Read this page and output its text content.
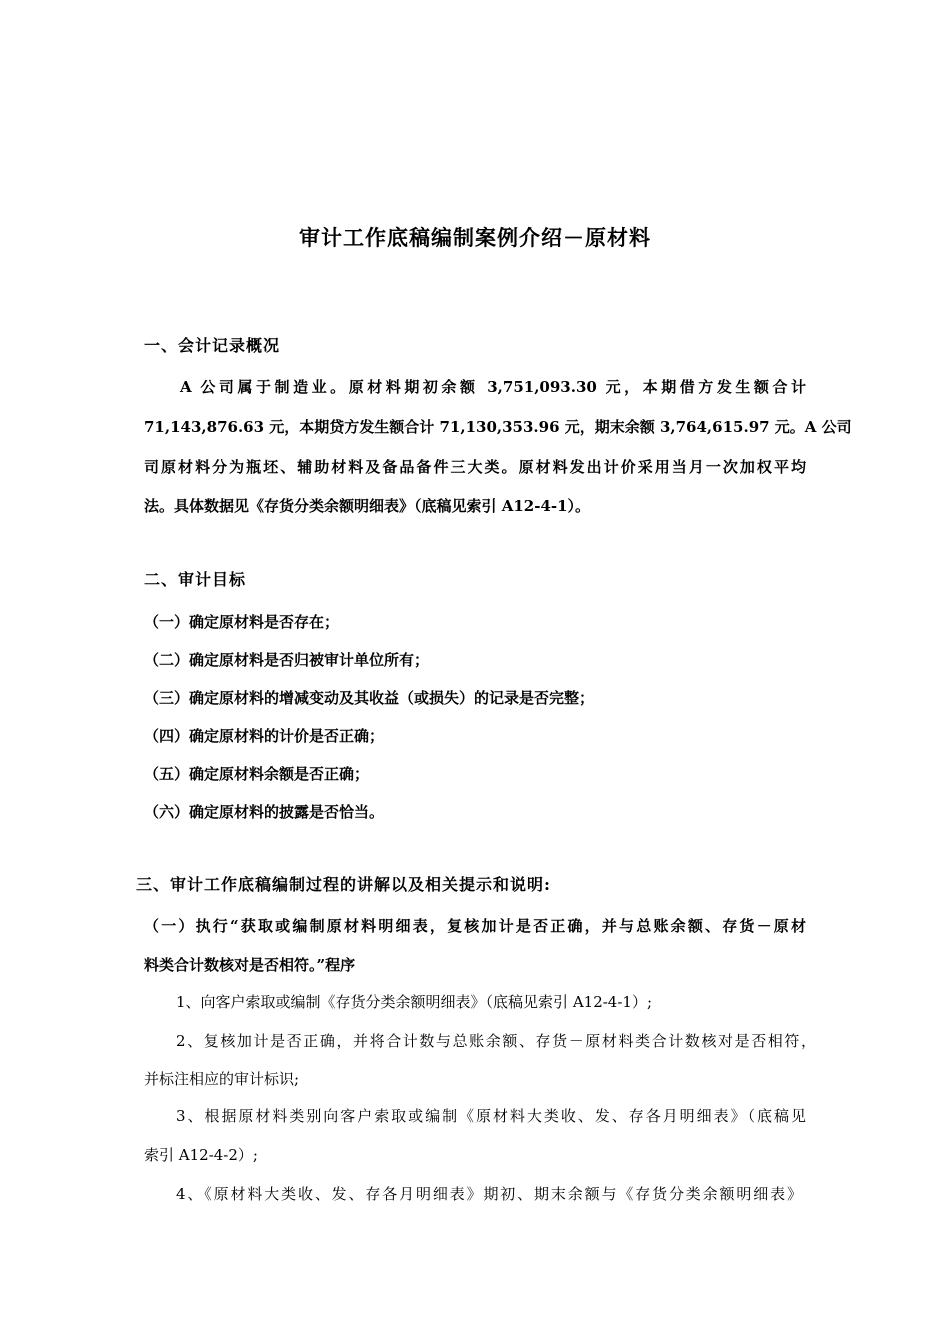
审计工作底稿编制案例介绍－原材料
一、会计记录概况
A 公司属于制造业。原材料期初余额 3,751,093.30 元，本期借方发生额合计
71,143,876.63 元，本期贷方发生额合计 71,130,353.96 元，期末余额 3,764,615.97 元。A 公司
司原材料分为瓶坯、辅助材料及备品备件三大类。原材料发出计价采用当月一次加权平均
法。具体数据见《存货分类余额明细表》（底稿见索引 A12-4-1）。
二、审计目标
（一）确定原材料是否存在；
（二）确定原材料是否归被审计单位所有；
（三）确定原材料的增减变动及其收益（或损失）的记录是否完整；
（四）确定原材料的计价是否正确；
（五）确定原材料余额是否正确；
（六）确定原材料的披露是否恰当。
三、审计工作底稿编制过程的讲解以及相关提示和说明:
（一）执行“获取或编制原材料明细表，复核加计是否正确，并与总账余额、存货－原材
料类合计数核对是否相符。”程序
1、向客户索取或编制《存货分类余额明细表》（底稿见索引 A12-4-1）;
2、复核加计是否正确，并将合计数与总账余额、存货－原材料类合计数核对是否相符，
并标注相应的审计标识;
3、根据原材料类别向客户索取或编制《原材料大类收、发、存各月明细表》（底稿见
索引 A12-4-2）;
4、《原材料大类收、发、存各月明细表》期初、期末余额与《存货分类余额明细表》
